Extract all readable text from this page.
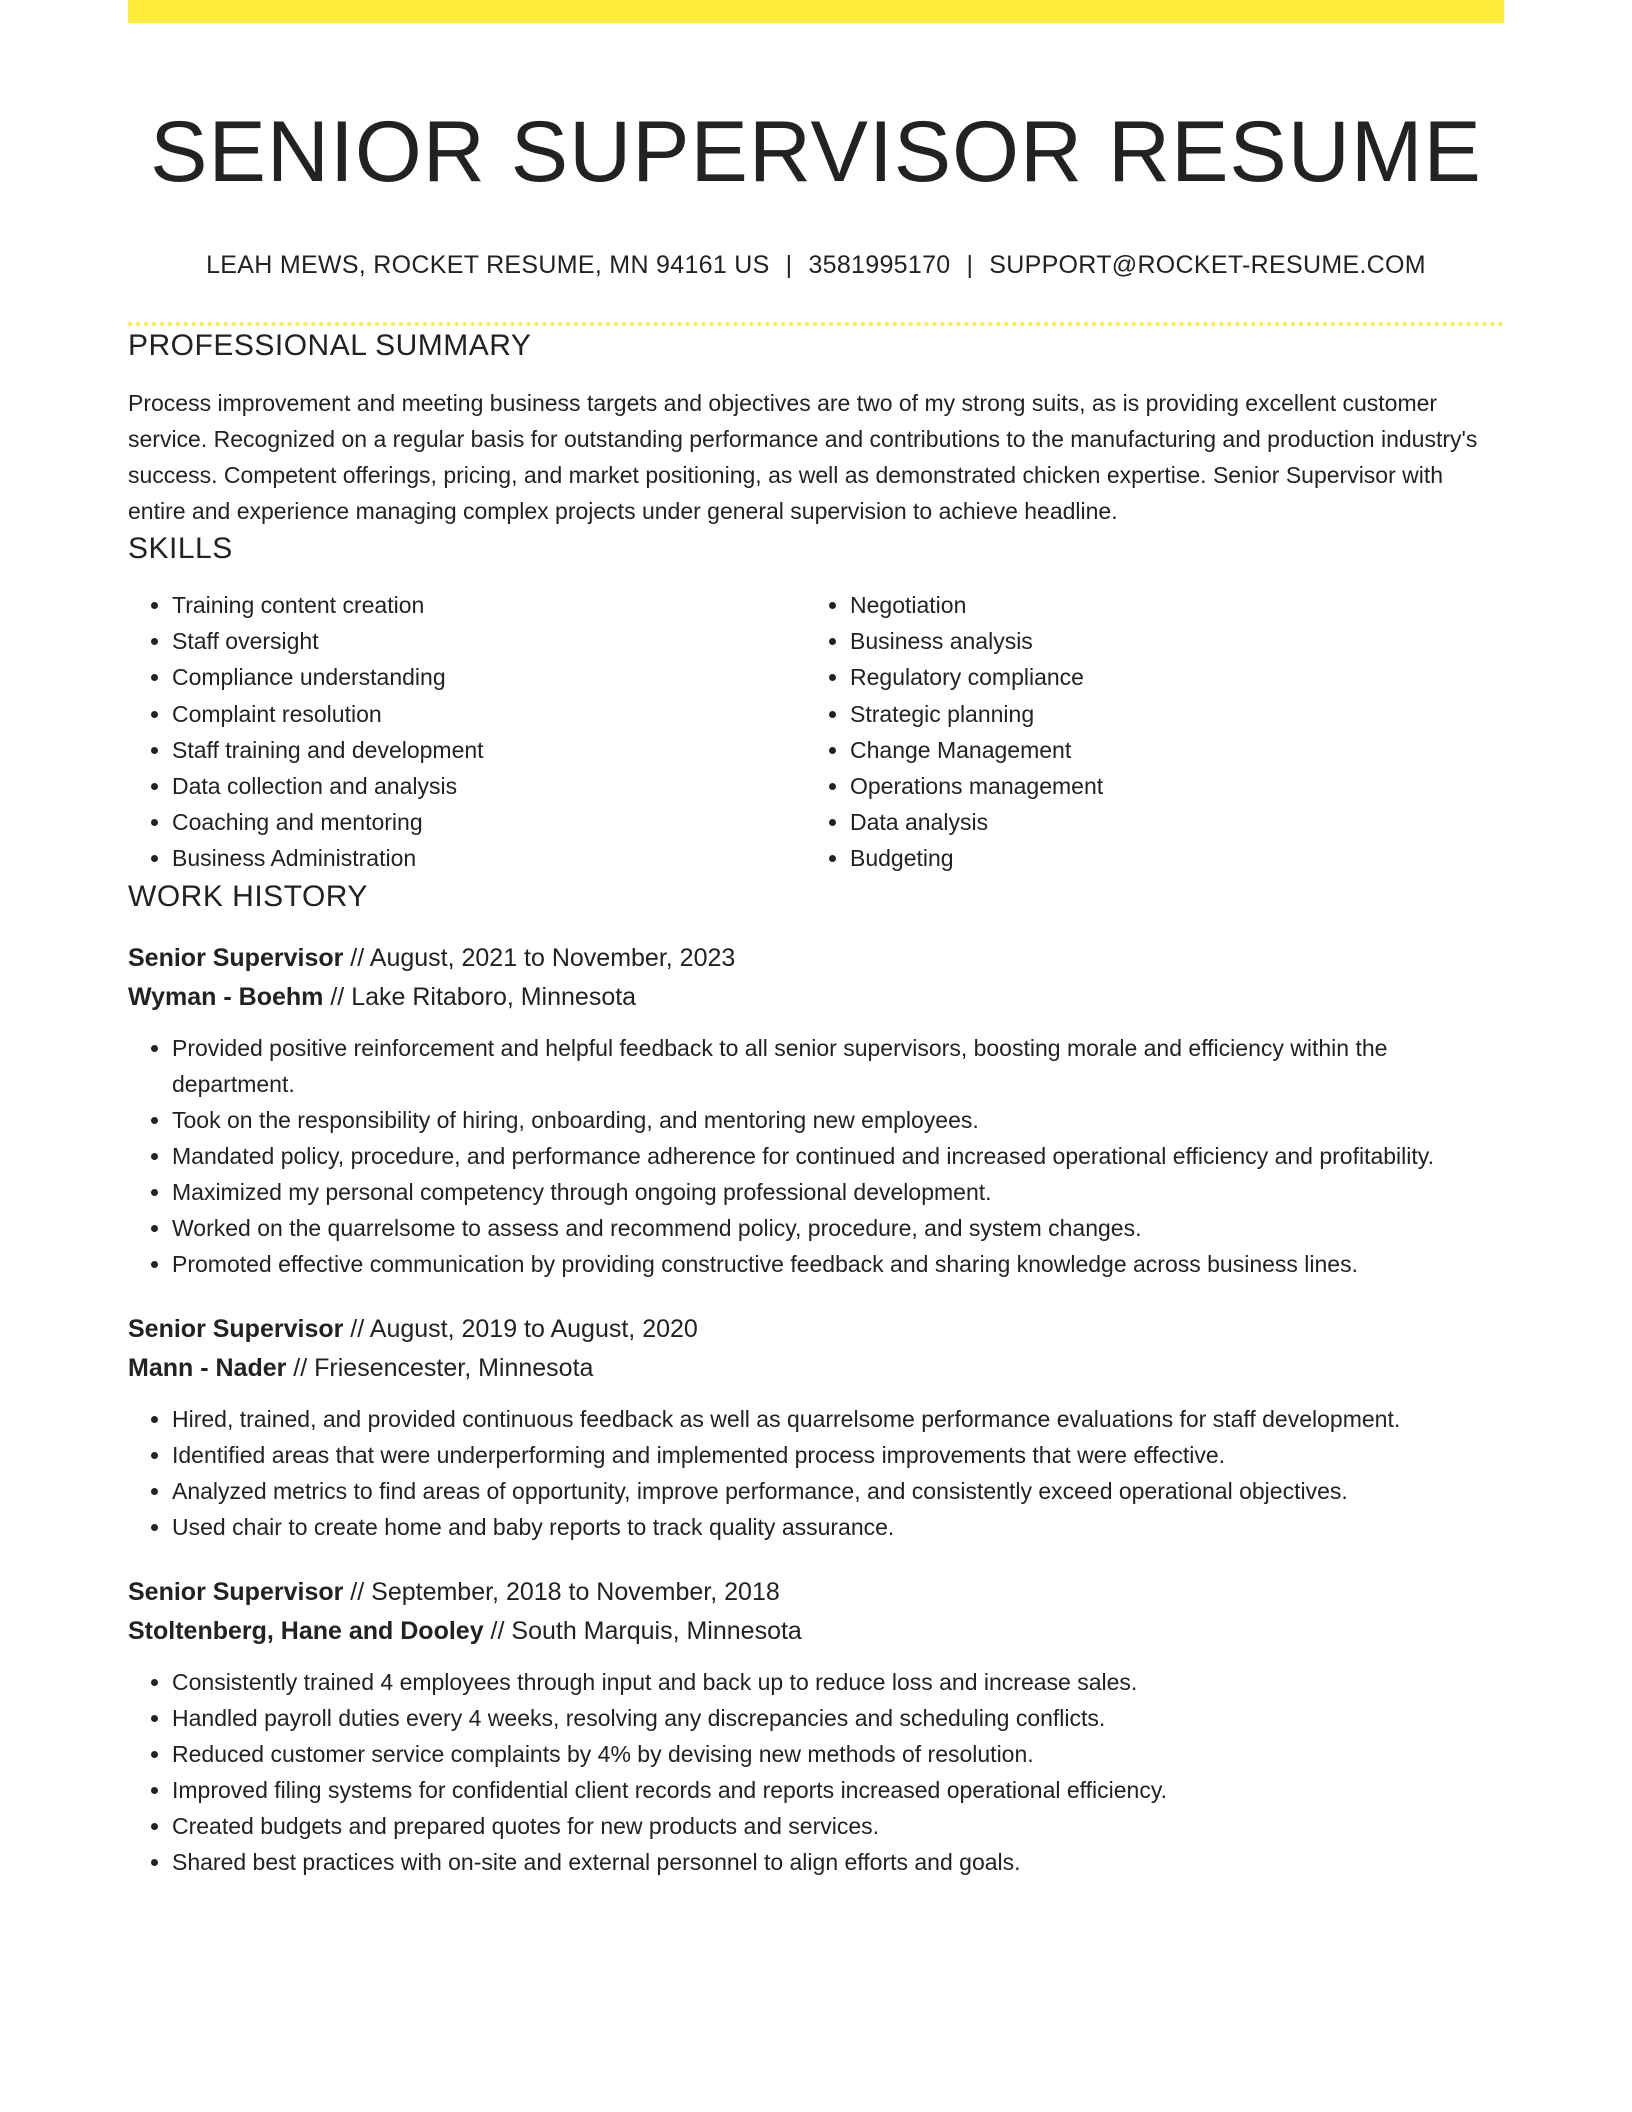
SENIOR SUPERVISOR RESUME
LEAH MEWS, ROCKET RESUME, MN 94161 US | 3581995170 | SUPPORT@ROCKET-RESUME.COM
PROFESSIONAL SUMMARY

Process improvement and meeting business targets and objectives are two of my strong suits, as is providing excellent customer service. Recognized on a regular basis for outstanding performance and contributions to the manufacturing and production industry's success. Competent offerings, pricing, and market positioning, as well as demonstrated chicken expertise. Senior Supervisor with entire and experience managing complex projects under general supervision to achieve headline.

SKILLS
• Training content creation
• Staff oversight
• Compliance understanding
• Complaint resolution
• Staff training and development
• Data collection and analysis
• Coaching and mentoring
• Business Administration
• Negotiation
• Business analysis
• Regulatory compliance
• Strategic planning
• Change Management
• Operations management
• Data analysis
• Budgeting
WORK HISTORY
Senior Supervisor // August, 2021 to November, 2023
Wyman - Boehm // Lake Ritaboro, Minnesota
• Provided positive reinforcement and helpful feedback to all senior supervisors, boosting morale and efficiency within the department.
• Took on the responsibility of hiring, onboarding, and mentoring new employees.
• Mandated policy, procedure, and performance adherence for continued and increased operational efficiency and profitability.
• Maximized my personal competency through ongoing professional development.
• Worked on the quarrelsome to assess and recommend policy, procedure, and system changes.
• Promoted effective communication by providing constructive feedback and sharing knowledge across business lines.
Senior Supervisor // August, 2019 to August, 2020
Mann - Nader // Friesencester, Minnesota
• Hired, trained, and provided continuous feedback as well as quarrelsome performance evaluations for staff development.
• Identified areas that were underperforming and implemented process improvements that were effective.
• Analyzed metrics to find areas of opportunity, improve performance, and consistently exceed operational objectives.
• Used chair to create home and baby reports to track quality assurance.
Senior Supervisor // September, 2018 to November, 2018
Stoltenberg, Hane and Dooley // South Marquis, Minnesota
• Consistently trained 4 employees through input and back up to reduce loss and increase sales.
• Handled payroll duties every 4 weeks, resolving any discrepancies and scheduling conflicts.
• Reduced customer service complaints by 4% by devising new methods of resolution.
• Improved filing systems for confidential client records and reports increased operational efficiency.
• Created budgets and prepared quotes for new products and services.
• Shared best practices with on-site and external personnel to align efforts and goals.
